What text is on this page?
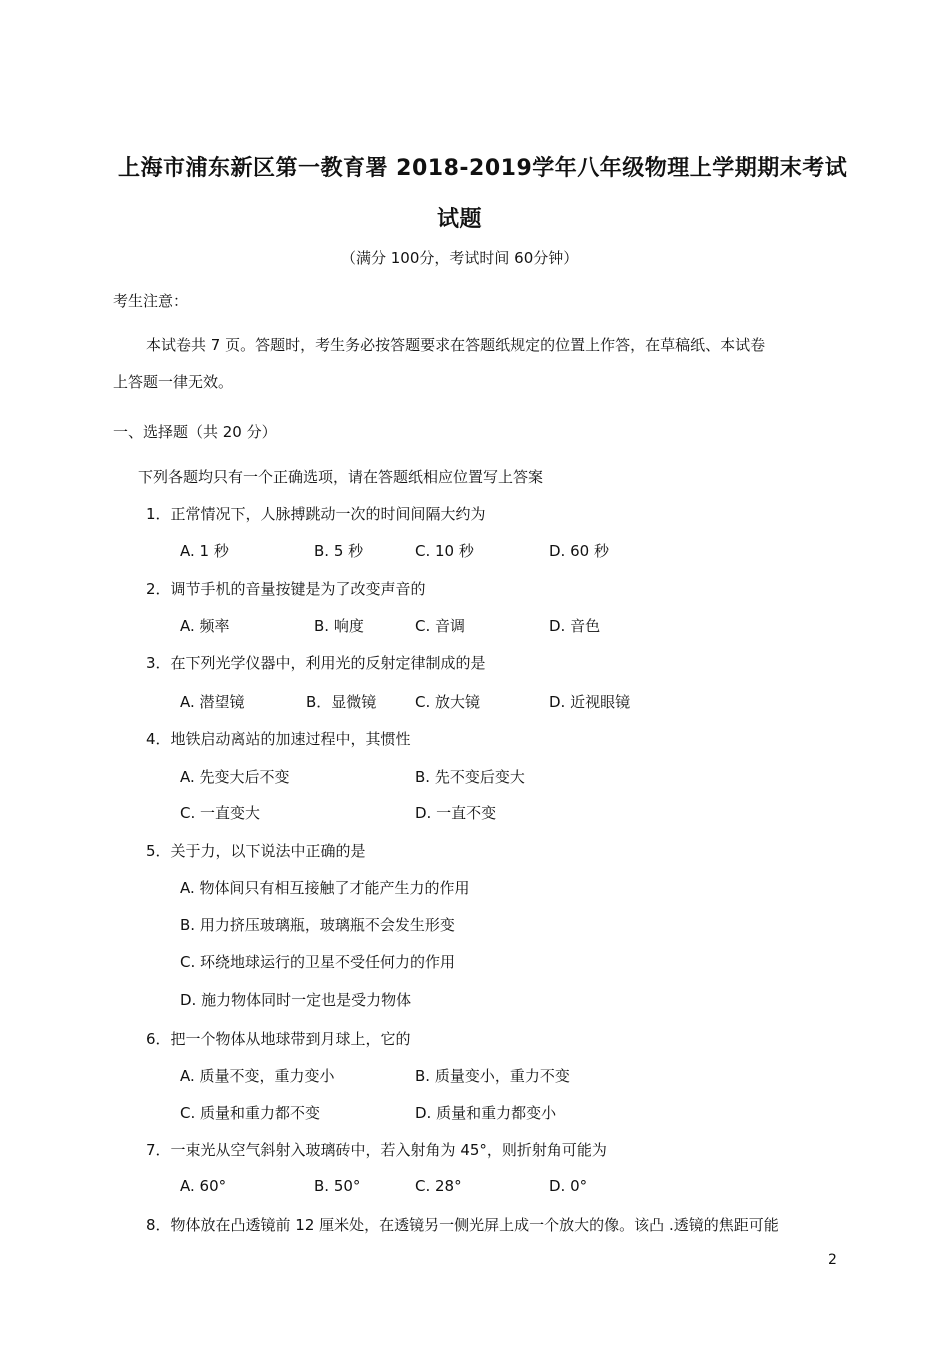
上海市浦东新区第一教育署 2018-2019学年八年级物理上学期期末考试
试题
（满分 100分，考试时间 60分钟）
考生注意：
本试卷共 7 页。答题时，考生务必按答题要求在答题纸规定的位置上作答，在草稿纸、本试卷
上答题一律无效。
一、选择题（共 20 分）
下列各题均只有一个正确选项，请在答题纸相应位置写上答案
1．正常情况下，人脉搏跳动一次的时间间隔大约为
A. 1 秒	B. 5 秒	C. 10 秒	D. 60 秒
2．调节手机的音量按键是为了改变声音的
A. 频率	B. 响度	C. 音调	D. 音色
3．在下列光学仪器中，利用光的反射定律制成的是
A. 潜望镜	B．显微镜	C. 放大镜	D. 近视眼镜
4．地铁启动离站的加速过程中，其惯性
A. 先变大后不变	B. 先不变后变大
C. 一直变大	D. 一直不变
5．关于力，以下说法中正确的是
A. 物体间只有相互接触了才能产生力的作用
B. 用力挤压玻璃瓶，玻璃瓶不会发生形变
C. 环绕地球运行的卫星不受任何力的作用
D. 施力物体同时一定也是受力物体
6．把一个物体从地球带到月球上，它的
A. 质量不变，重力变小	B. 质量变小，重力不变
C. 质量和重力都不变	D. 质量和重力都变小
7．一束光从空气斜射入玻璃砖中，若入射角为 45°，则折射角可能为
A. 60°	B. 50°	C. 28°	D. 0°
8．物体放在凸透镜前 12 厘米处，在透镜另一侧光屏上成一个放大的像。该凸 .透镜的焦距可能
2
